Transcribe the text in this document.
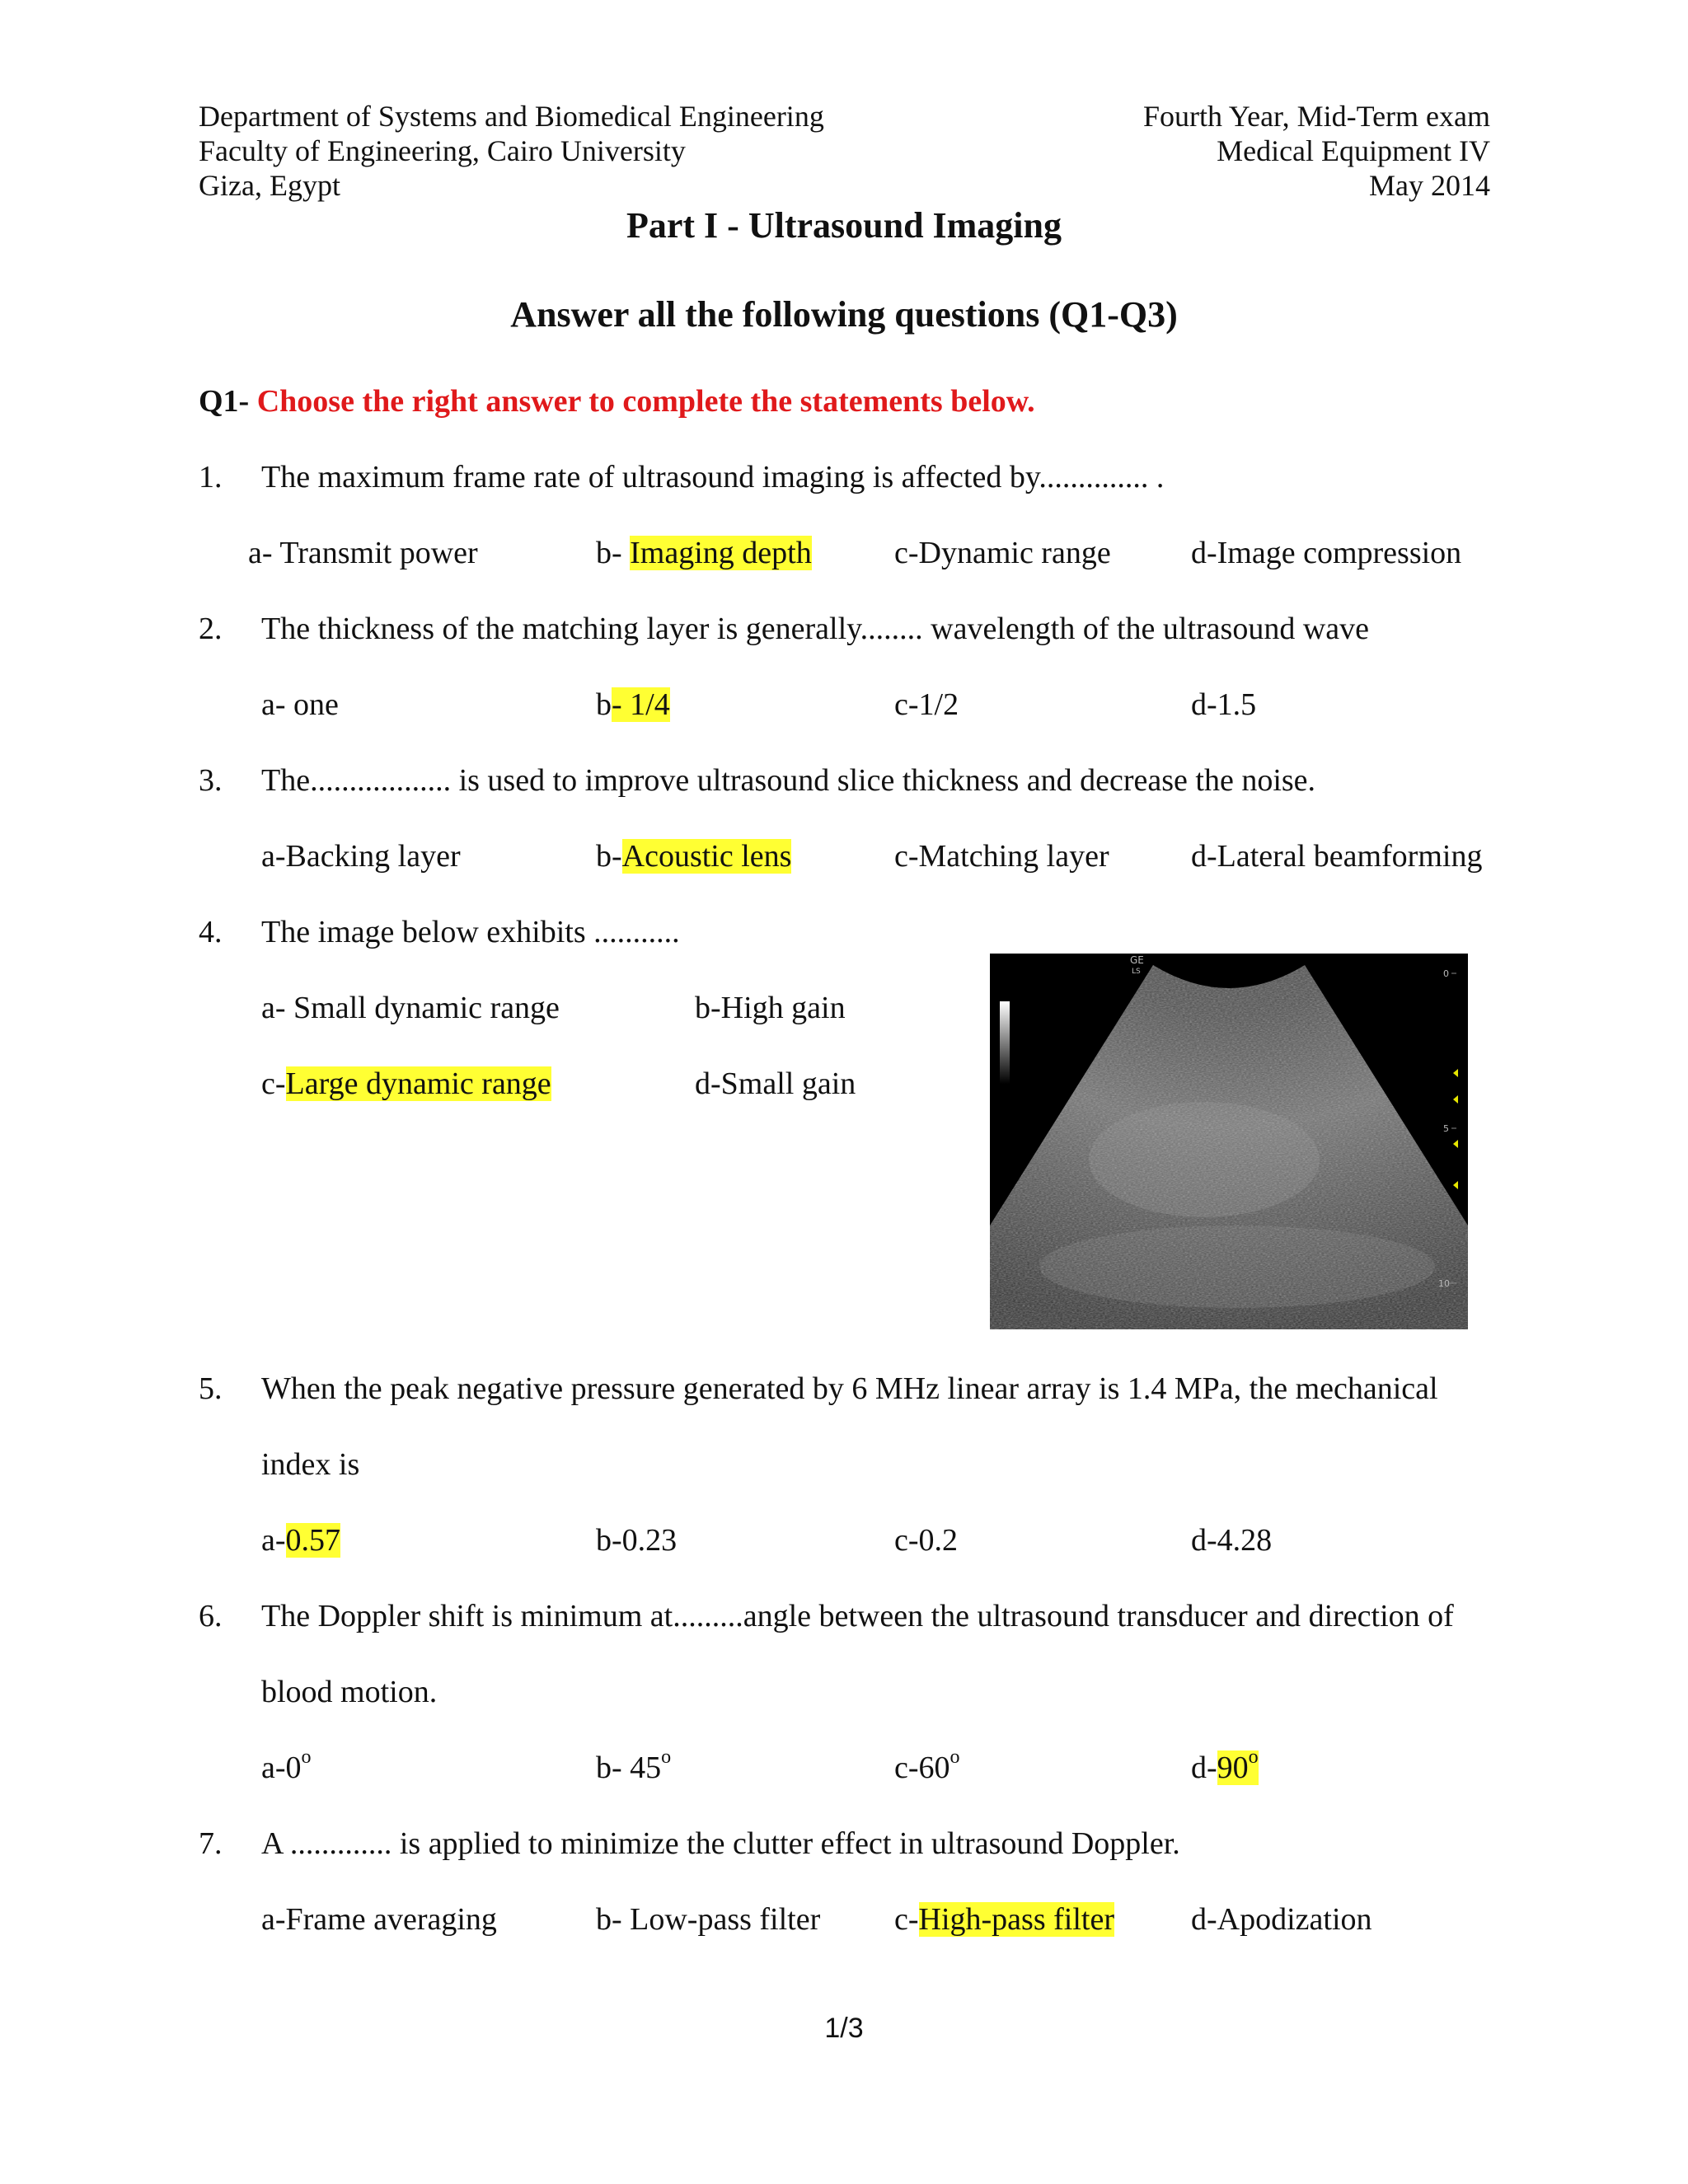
Department of Systems and Biomedical Engineering
Faculty of Engineering, Cairo University
Giza, Egypt
Fourth Year, Mid-Term exam
Medical Equipment IV
May 2014
Part I - Ultrasound Imaging
Answer all the following questions (Q1-Q3)
Q1- Choose the right answer to complete the statements below.
1. The maximum frame rate of ultrasound imaging is affected by.............. .
a- Transmit power	b- Imaging depth	c-Dynamic range	d-Image compression
2. The thickness of the matching layer is generally........ wavelength of the ultrasound wave
a- one	b- 1/4	c-1/2	d-1.5
3. The.................. is used to improve ultrasound slice thickness and decrease the noise.
a-Backing layer	b-Acoustic lens	c-Matching layer	d-Lateral beamforming
4. The image below exhibits ...........
a- Small dynamic range	b-High gain
c-Large dynamic range	d-Small gain
GE
LS	0
5
10
5. When the peak negative pressure generated by 6 MHz linear array is 1.4 MPa, the mechanical
index is
a-0.57	b-0.23	c-0.2	d-4.28
6. The Doppler shift is minimum at.........angle between the ultrasound transducer and direction of
blood motion.
a-0$^o$	b- 45$^o$	c-60$^o$	d-90$^o$
7. A ............. is applied to minimize the clutter effect in ultrasound Doppler.
a-Frame averaging	b- Low-pass filter c-High-pass filter d-Apodization
1/3
